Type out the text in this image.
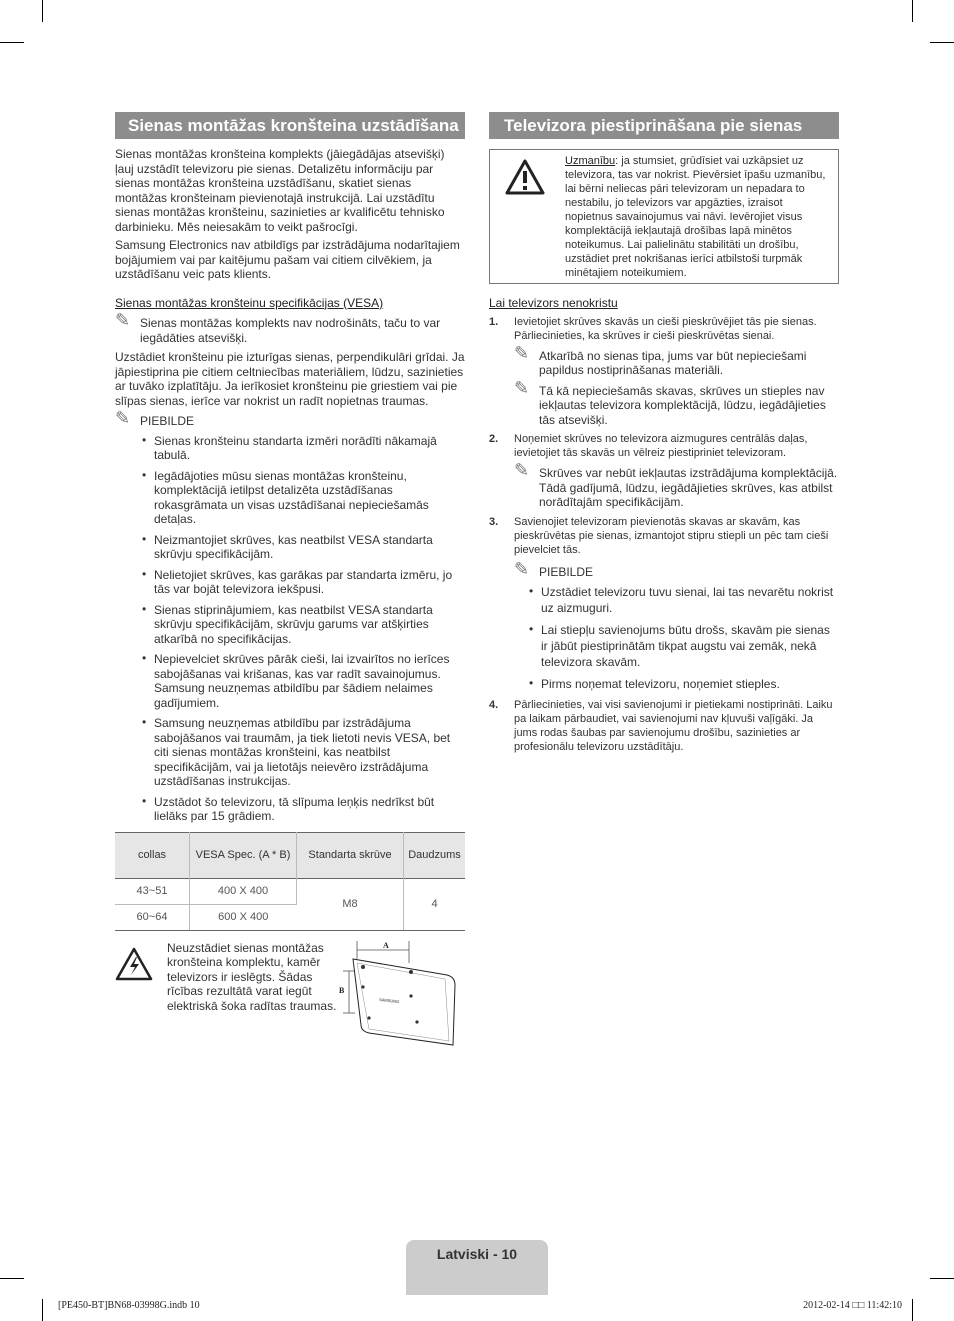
Sienas montāžas kronšteina uzstādīšana

Sienas montāžas kronšteina komplekts (jāiegādājas atsevišķi) ļauj uzstādīt televizoru pie sienas. Detalizētu informāciju par sienas montāžas kronšteina uzstādīšanu, skatiet sienas montāžas kronšteinam pievienotajā instrukcijā. Lai uzstādītu sienas montāžas kronšteinu, sazinieties ar kvalificētu tehnisko darbinieku. Mēs neiesakām to veikt pašrocīgi.

Samsung Electronics nav atbildīgs par izstrādājuma nodarītajiem bojājumiem vai par kaitējumu pašam vai citiem cilvēkiem, ja uzstādīšanu veic pats klients.

Sienas montāžas kronšteinu specifikācijas (VESA)
✎ Sienas montāžas komplekts nav nodrošināts, taču to var iegādāties atsevišķi.

Uzstādiet kronšteinu pie izturīgas sienas, perpendikulāri grīdai. Ja jāpiestiprina pie citiem celtniecības materiāliem, lūdzu, sazinieties ar tuvāko izplatītāju. Ja ierīkosiet kronšteinu pie griestiem vai pie slīpas sienas, ierīce var nokrist un radīt nopietnas traumas.

✎ PIEBILDE
• Sienas kronšteinu standarta izmēri norādīti nākamajā tabulā.
• Iegādājoties mūsu sienas montāžas kronšteinu, komplektācijā ietilpst detalizēta uzstādīšanas rokasgrāmata un visas uzstādīšanai nepieciešamās detaļas.
• Neizmantojiet skrūves, kas neatbilst VESA standarta skrūvju specifikācijām.
• Nelietojiet skrūves, kas garākas par standarta izmēru, jo tās var bojāt televizora iekšpusi.
• Sienas stiprinājumiem, kas neatbilst VESA standarta skrūvju specifikācijām, skrūvju garums var atšķirties atkarībā no specifikācijas.
• Nepievelciet skrūves pārāk cieši, lai izvairītos no ierīces sabojāšanas vai krišanas, kas var radīt savainojumus. Samsung neuzņemas atbildību par šādiem nelaimes gadījumiem.
• Samsung neuzņemas atbildību par izstrādājuma sabojāšanos vai traumām, ja tiek lietoti nevis VESA, bet citi sienas montāžas kronšteini, kas neatbilst specifikācijām, vai ja lietotājs neievēro izstrādājuma uzstādīšanas instrukcijas.
• Uzstādot šo televizoru, tā slīpuma leņķis nedrīkst būt lielāks par 15 grādiem.
collas	VESA Spec. (A * B)	Standarta skrūve	Daudzums
43~51	400 X 400	M8	4
60~64	600 X 400		
Neuzstādiet sienas montāžas kronšteina komplektu, kamēr televizors ir ieslēgts. Šādas rīcības rezultātā varat iegūt elektriskā šoka radītas traumas.
A
B
SAMSUNG
Televizora piestiprināšana pie sienas
Uzmanību: ja stumsiet, grūdīsiet vai uzkāpsiet uz televizora, tas var nokrist. Pievērsiet īpašu uzmanību, lai bērni neliecas pāri televizoram un nepadara to nestabilu, jo televizors var apgāzties, izraisot nopietnus savainojumus vai nāvi. Ievērojiet visus komplektācijā iekļautajā drošības lapā minētos noteikumus. Lai palielinātu stabilitāti un drošību, uzstādiet pret nokrišanas ierīci atbilstoši turpmāk minētajiem noteikumiem.
Lai televizors nenokristu
1. Ievietojiet skrūves skavās un cieši pieskrūvējiet tās pie sienas. Pārliecinieties, ka skrūves ir cieši pieskrūvētas sienai.
✎ Atkarībā no sienas tipa, jums var būt nepieciešami papildus nostiprināšanas materiāli.
✎ Tā kā nepieciešamās skavas, skrūves un stieples nav iekļautas televizora komplektācijā, lūdzu, iegādājieties tās atsevišķi.
2. Noņemiet skrūves no televizora aizmugures centrālās daļas, ievietojiet tās skavās un vēlreiz piestipriniet televizoram.
✎ Skrūves var nebūt iekļautas izstrādājuma komplektācijā. Tādā gadījumā, lūdzu, iegādājieties skrūves, kas atbilst norādītajām specifikācijām.
3. Savienojiet televizoram pievienotās skavas ar skavām, kas pieskrūvētas pie sienas, izmantojot stipru stiepli un pēc tam cieši pievelciet tās.
✎ PIEBILDE
• Uzstādiet televizoru tuvu sienai, lai tas nevarētu nokrist uz aizmuguri.
• Lai stiepļu savienojums būtu drošs, skavām pie sienas ir jābūt piestiprinātām tikpat augstu vai zemāk, nekā televizora skavām.
• Pirms noņemat televizoru, noņemiet stieples.
4. Pārliecinieties, vai visi savienojumi ir pietiekami nostiprināti. Laiku pa laikam pārbaudiet, vai savienojumi nav kļuvuši vaļīgāki. Ja jums rodas šaubas par savienojumu drošību, sazinieties ar profesionālu televizoru uzstādītāju.
Latviski - 10
[PE450-BT]BN68-03998G.indb 10	2012-02-14 □□ 11:42:10
